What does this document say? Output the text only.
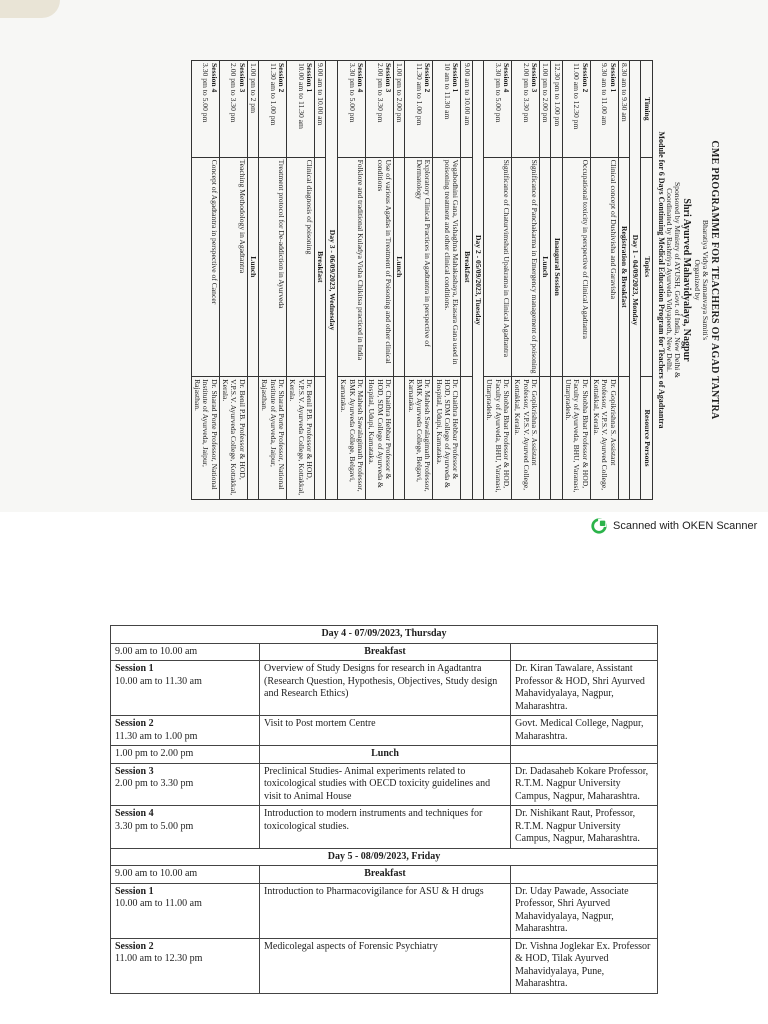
CME PROGRAMME FOR TEACHERS OF AGAD TANTRA
Bharatiya Vidya & Samanvaya Samiti's
Organized by
Shri Ayurved Mahavidyalaya, Nagpur
Sponsored by Ministry of AYUSH, Govt. of India, New Delhi &
Coordinated by Rashtriya Ayurveda Vidyapeeth, New Delhi.
Module for 6 Days Continuing Medical Education Program for Teachers of Agadtantra
Timing	Topics	Resource Persons
Day 1 - 04/09/2023, Monday		

8.30 am to 9.30 am	Registration & Breakfast	

Session 1
9.30 am to 11.00 am	Clinical concept of Dushivisha and Garavisha	Dr. Gopikrishna S. Assistant Professor, V.P.S.V. Ayurved College, Kottakkal, Kerala.

Session 2
11.00 am to 12.30 pm	Occupational toxicity in perspective of Clinical Agadtantra	Dr. Shobha Bhat Professor & HOD, Faculty of Ayurveda, BHU, Varanasi, Uttarpradesh.

12.30 pm to 1.00 pm	Inaugural Session	

1.00 pm to 2.00 pm	Lunch	

Session 3
2.00 pm to 3.30 pm	Significance of Panchakarma in Emergency management of poisoning	Dr. Gopikrishna S. Assistant Professor, V.P.S.V. Ayurved College, Kottakkal, Kerala.

Session 4
3.30 pm to 5.00 pm	Significance of Chaturvimshati Upakrama in Clinical Agadtantra	Dr. Shobha Bhat Professor & HOD, Faculty of Ayurveda, BHU, Varanasi, Uttarpradesh.
Day 2 - 05/09/2023, Tuesday		

9.00 am to 10.00 am	Breakfast	

Session 1
10 am to 11.30 am	Vegabodhini Gana, Vishaghna Mahakashaya, Ekasara Gana used in poisoning treatment and other clinical conditions.	Dr. Chaithra Hebbar Professor & HOD, SDM College of Ayurveda & Hospital, Udupi, Karnataka.

Session 2
11.30 am to 1.00 pm	Exploratory Clinical Practices in Agadtantra in perspective of Dermatology	Dr. Mahesh Sawalagimath Professor, BMK Ayurveda College, Belgavi, Karnataka.

1.00 pm to 2.00 pm	Lunch	

Session 3
2.00 pm to 3.30 pm	Use of various Agadas in Treatment of Poisoning and other clinical conditions	Dr. Chaithra Hebbar Professor & HOD, SDM College of Ayurveda & Hospital, Udupi, Karnataka.

Session 4
3.30 pm to 5.00 pm	Folklore and traditional Kuladya Visha Chikitsa practiced in India	Dr. Mahesh Sawalagimath Professor, BMK Ayurveda College, Belgavi, Karnataka.
Day 3 - 06/09/2023, Wednesday		

9.00 am to 10.00 am	Breakfast	

Session 1
10.00 am to 11.30 am	Clinical diagnosis of poisoning	Dr. Benil P.B. Professor & HOD, V.P.S.V. Ayurveda College, Kottakkal, Kerala.

Session 2
11.30 am to 1.00 pm	Treatment protocol for De-addiction in Ayurveda	Dr. Sharad Porte Professor, National Institute of Ayurveda, Jaipur, Rajasthan.

1.00 pm to 2 pm	Lunch	

Session 3
2.00 pm to 3.30 pm	Teaching Methodology in Agadtantra	Dr. Benil P.B. Professor & HOD, V.P.S.V. Ayurveda College, Kottakkal, Kerala.

Session 4
3.30 pm to 5.00 pm	Concept of Agadtantra in perspective of Cancer	Dr. Sharad Porte Professor, National Institute of Ayurveda, Jaipur, Rajasthan.
Scanned with OKEN Scanner
Day 4 - 07/09/2023, Thursday		

9.00 am to 10.00 am	Breakfast	

Session 1
10.00 am to 11.30 am	Overview of Study Designs for research in Agadtantra (Research Question, Hypothesis, Objectives, Study design and Research Ethics)	Dr. Kiran Tawalare, Assistant Professor & HOD, Shri Ayurved Mahavidyalaya, Nagpur, Maharashtra.

Session 2
11.30 am to 1.00 pm	Visit to Post mortem Centre	Govt. Medical College, Nagpur, Maharashtra.

1.00 pm to 2.00 pm	Lunch	

Session 3
2.00 pm to 3.30 pm	Preclinical Studies- Animal experiments related to toxicological studies with OECD toxicity guidelines and visit to Animal House	Dr. Dadasaheb Kokare Professor, R.T.M. Nagpur University Campus, Nagpur, Maharashtra.

Session 4
3.30 pm to 5.00 pm	Introduction to modern instruments and techniques for toxicological studies.	Dr. Nishikant Raut, Professor, R.T.M. Nagpur University Campus, Nagpur, Maharashtra.
Day 5 - 08/09/2023, Friday		

9.00 am to 10.00 am	Breakfast	

Session 1
10.00 am to 11.00 am	Introduction to Pharmacovigilance for ASU & H drugs	Dr. Uday Pawade, Associate Professor, Shri Ayurved Mahavidyalaya, Nagpur, Maharashtra.

Session 2
11.00 am to 12.30 pm	Medicolegal aspects of Forensic Psychiatry	Dr. Vishna Joglekar Ex. Professor & HOD, Tilak Ayurved Mahavidyalaya, Pune, Maharashtra.
